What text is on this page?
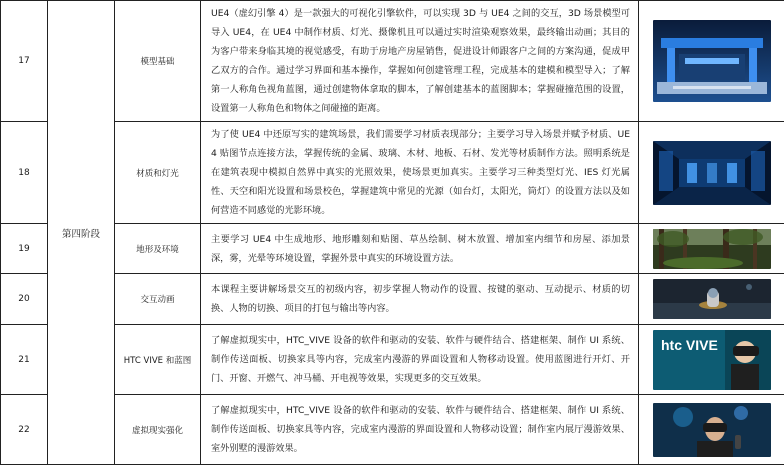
17	第四阶段	模型基础	UE4（虚幻引擎 4）是一款强大的可视化引擎软件，可以实现 3D 与 UE4 之间的交互，3D 场景模型可导入 UE4，在 UE4 中制作材质、灯光、摄像机且可以通过实时渲染观察效果，最终输出动画；其目的为客户带来身临其境的视觉感受，有助于房地产房屋销售，促进设计师跟客户之间的方案沟通，促成甲乙双方的合作。通过学习界面和基本操作，掌握如何创建管理工程，完成基本的建模和模型导入；了解第一人称角色视角蓝图，通过创建物体拿取的脚本，了解创建基本的蓝图脚本；掌握碰撞范围的设置，设置第一人称角色和物体之间碰撞的距离。	

18		材质和灯光	为了使 UE4 中还原写实的建筑场景，我们需要学习材质表现部分；主要学习导入场景并赋予材质、UE4 贴图节点连接方法，掌握传统的金属、玻璃、木材、地板、石材、发光等材质制作方法。照明系统是在建筑表现中模拟自然界中真实的光照效果，使场景更加真实。主要学习三种类型灯光、IES 灯光属性、天空和阳光设置和场景校色，掌握建筑中常见的光源（如台灯，太阳光，筒灯）的设置方法以及如何营造不同感觉的光影环境。	

19		地形及环境	主要学习 UE4 中生成地形、地形雕刻和贴图、草丛绘制、树木放置、增加室内细节和房屋、添加景深，雾，光晕等环境设置，掌握外景中真实的环境设置方法。	

20		交互动画	本课程主要讲解场景交互的初级内容，初步掌握人物动作的设置、按键的驱动、互动提示、材质的切换、人物的切换、项目的打包与输出等内容。	

21		HTC VIVE 和蓝图	了解虚拟现实中，HTC_VIVE 设备的软件和驱动的安装、软件与硬件结合、搭建框架、制作 UI 系统、制作传送面板、切换家具等内容，完成室内漫游的界面设置和人物移动设置。使用蓝图进行开灯、开门、开窗、开燃气、冲马桶、开电视等效果，实现更多的交互效果。	htc VIVE

22		虚拟现实强化	了解虚拟现实中，HTC_VIVE 设备的软件和驱动的安装、软件与硬件结合、搭建框架、制作 UI 系统、制作传送面板、切换家具等内容，完成室内漫游的界面设置和人物移动设置；制作室内展厅漫游效果、室外别墅的漫游效果。	
